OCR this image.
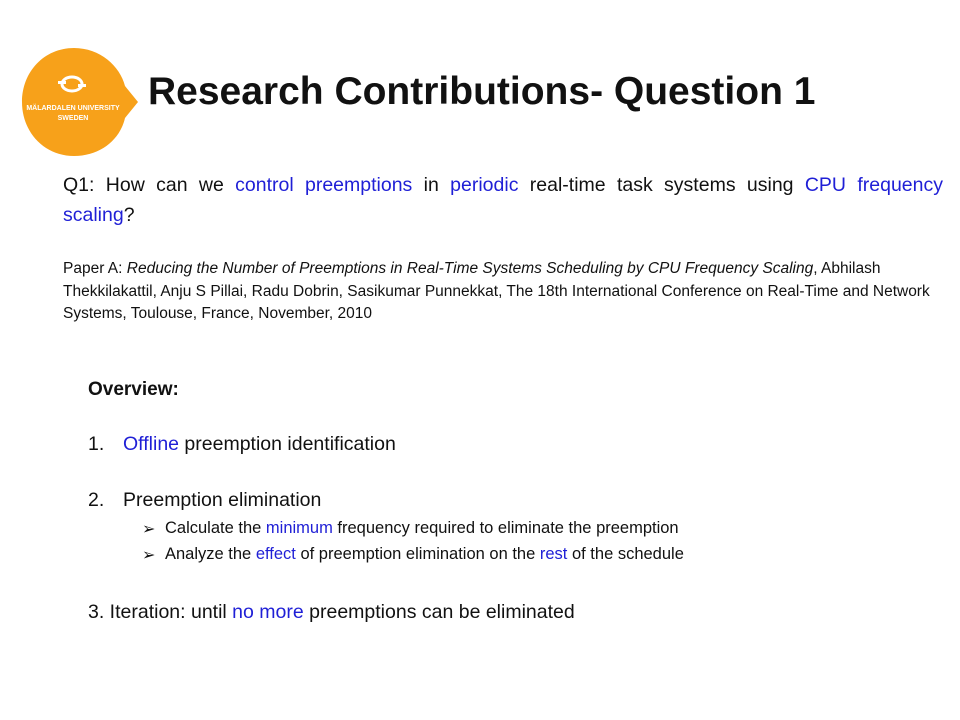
MÄLARDALEN UNIVERSITY
SWEDEN
Research Contributions- Question 1
Q1: How can we control preemptions in periodic real-time task systems using CPU frequency scaling?
Paper A: Reducing the Number of Preemptions in Real-Time Systems Scheduling by CPU Frequency Scaling, Abhilash Thekkilakattil, Anju S Pillai, Radu Dobrin, Sasikumar Punnekkat, The 18th International Conference on Real-Time and Network Systems, Toulouse, France, November, 2010
Overview:
1. Offline preemption identification
2. Preemption elimination
➢ Calculate the minimum frequency required to eliminate the preemption
➢ Analyze the effect of preemption elimination on the rest of the schedule
3. Iteration: until no more preemptions can be eliminated
